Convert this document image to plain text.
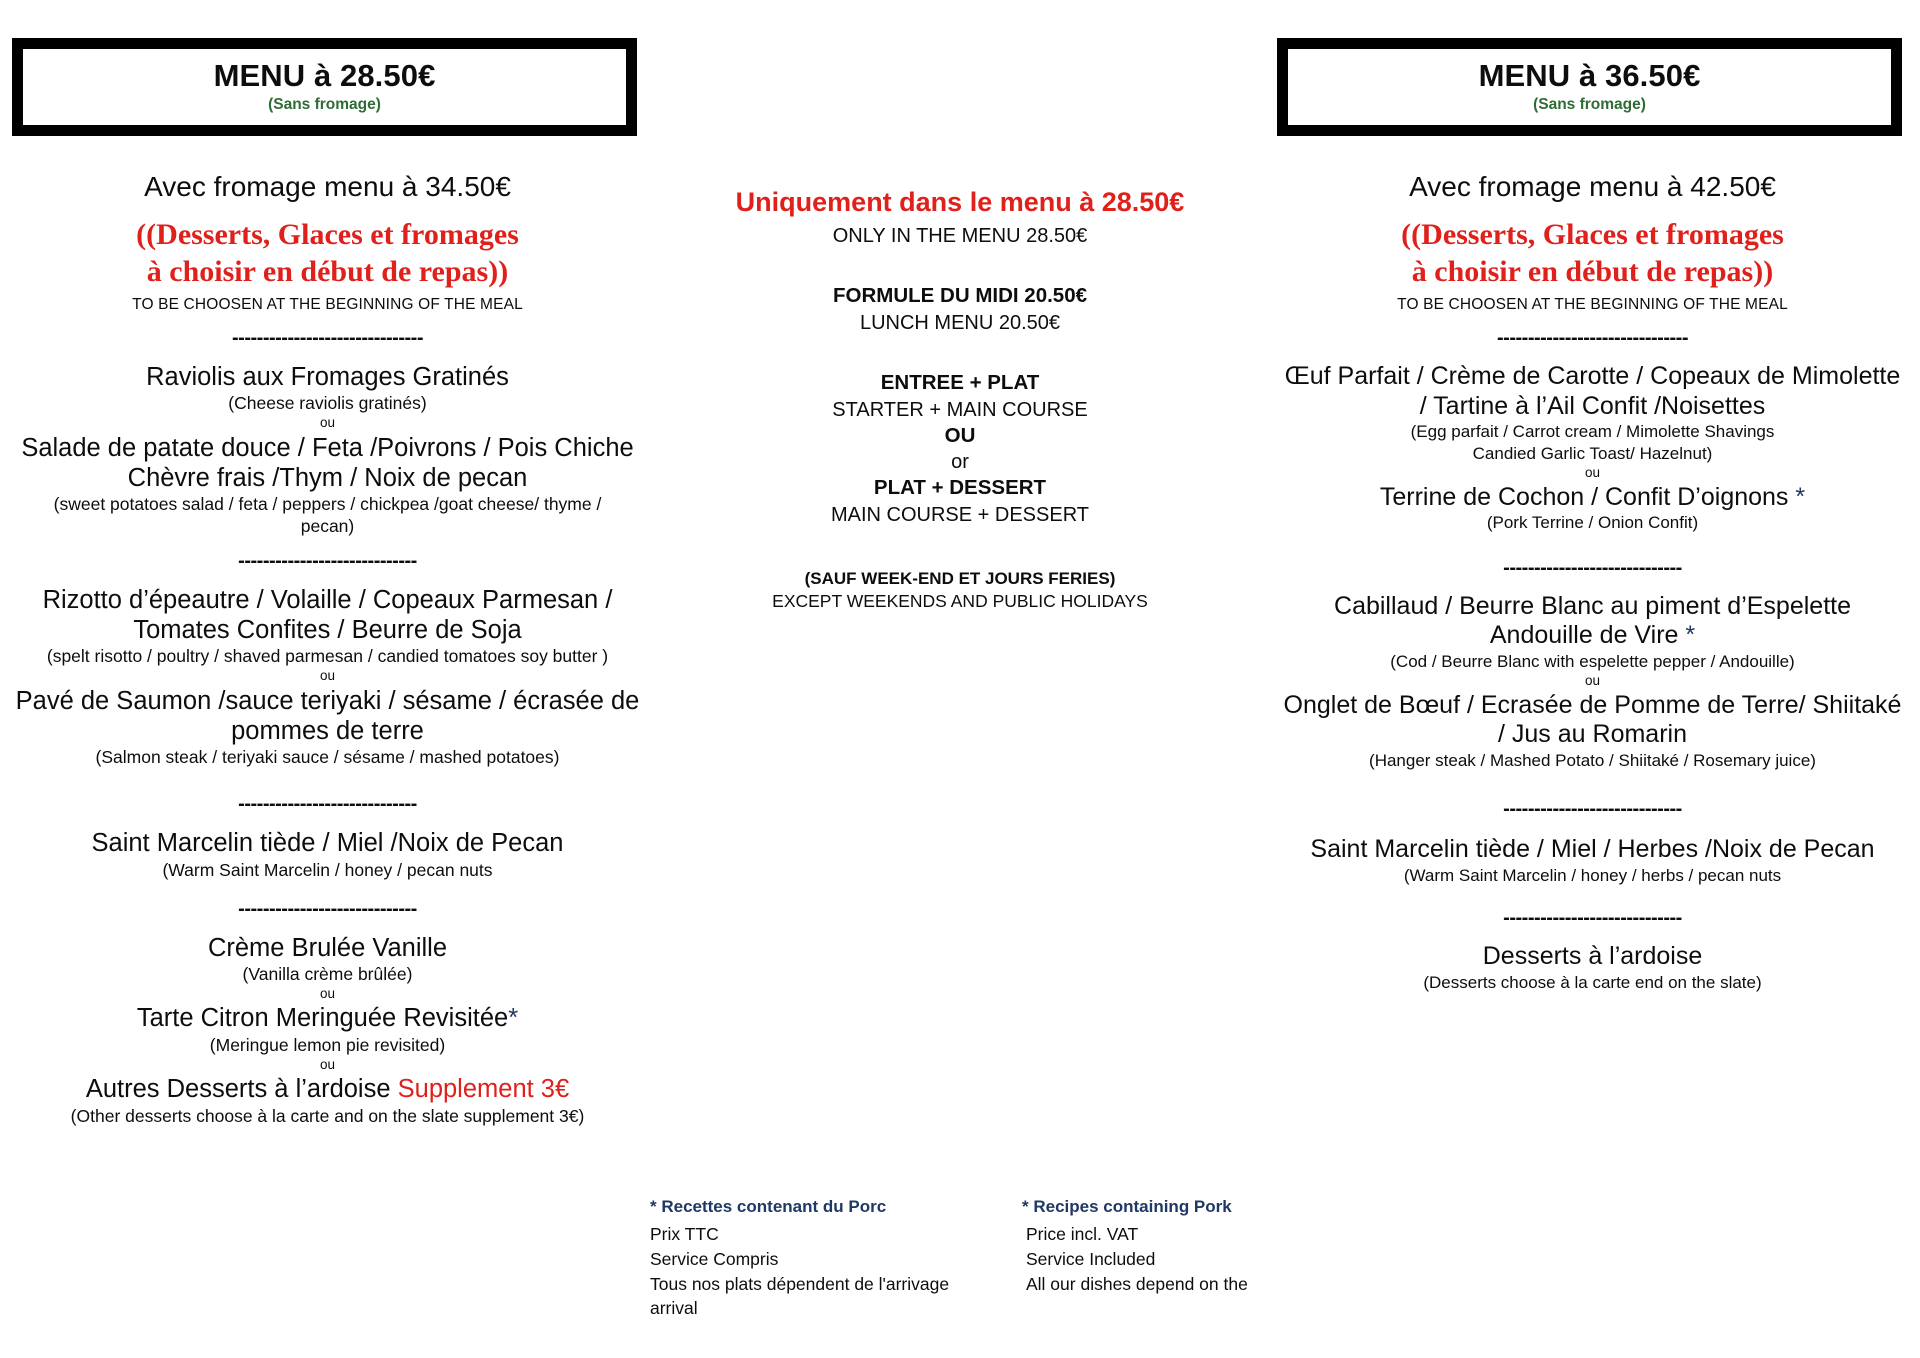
MENU à 28.50€
(Sans fromage)
Avec fromage menu à 34.50€
((Desserts, Glaces et fromages
à choisir en début de repas))
TO BE CHOOSEN AT THE BEGINNING OF THE MEAL
-------------------------------
Raviolis aux Fromages Gratinés
(Cheese raviolis gratinés)
ou
Salade de patate douce / Feta /Poivrons / Pois Chiche
Chèvre frais /Thym / Noix de pecan
(sweet potatoes salad / feta / peppers / chickpea /goat cheese/ thyme /
pecan)
-----------------------------
Rizotto d’épeautre / Volaille / Copeaux Parmesan /
Tomates Confites / Beurre de Soja
(spelt risotto / poultry / shaved parmesan / candied tomatoes soy butter )
ou
Pavé de Saumon /sauce teriyaki / sésame / écrasée de
pommes de terre
(Salmon steak / teriyaki sauce / sésame / mashed potatoes)
-----------------------------
Saint Marcelin tiède / Miel /Noix de Pecan
(Warm Saint Marcelin / honey / pecan nuts
-----------------------------
Crème Brulée Vanille
(Vanilla crème brûlée)
ou
Tarte Citron Meringuée Revisitée*
(Meringue lemon pie revisited)
ou
Autres Desserts à l’ardoise Supplement 3€
(Other desserts choose à la carte and on the slate supplement 3€)
Uniquement dans le menu à 28.50€
ONLY IN THE MENU 28.50€
FORMULE DU MIDI 20.50€
LUNCH MENU 20.50€
ENTREE + PLAT
STARTER + MAIN COURSE
OU
or
PLAT + DESSERT
MAIN COURSE + DESSERT
(SAUF WEEK-END ET JOURS FERIES)
EXCEPT WEEKENDS AND PUBLIC HOLIDAYS
MENU à 36.50€
(Sans fromage)
Avec fromage menu à 42.50€
((Desserts, Glaces et fromages
à choisir en début de repas))
TO BE CHOOSEN AT THE BEGINNING OF THE MEAL
-------------------------------
Œuf Parfait / Crème de Carotte / Copeaux de Mimolette
/ Tartine à l’Ail Confit /Noisettes
(Egg parfait / Carrot cream / Mimolette Shavings
Candied Garlic Toast/ Hazelnut)
ou
Terrine de Cochon / Confit D’oignons *
(Pork Terrine / Onion Confit)
-----------------------------
Cabillaud / Beurre Blanc au piment d’Espelette
Andouille de Vire *
(Cod / Beurre Blanc with espelette pepper / Andouille)
ou
Onglet de Bœuf / Ecrasée de Pomme de Terre/ Shiitaké
/ Jus au Romarin
(Hanger steak / Mashed Potato / Shiitaké / Rosemary juice)
-----------------------------
Saint Marcelin tiède / Miel / Herbes /Noix de Pecan
(Warm Saint Marcelin / honey / herbs / pecan nuts
-----------------------------
Desserts à l’ardoise
(Desserts choose à la carte end on the slate)
* Recettes contenant du Porc
Prix TTC
Service Compris
Tous nos plats dépendent de l'arrivage
arrival
* Recipes containing Pork
Price incl. VAT
Service Included
All our dishes depend on the
